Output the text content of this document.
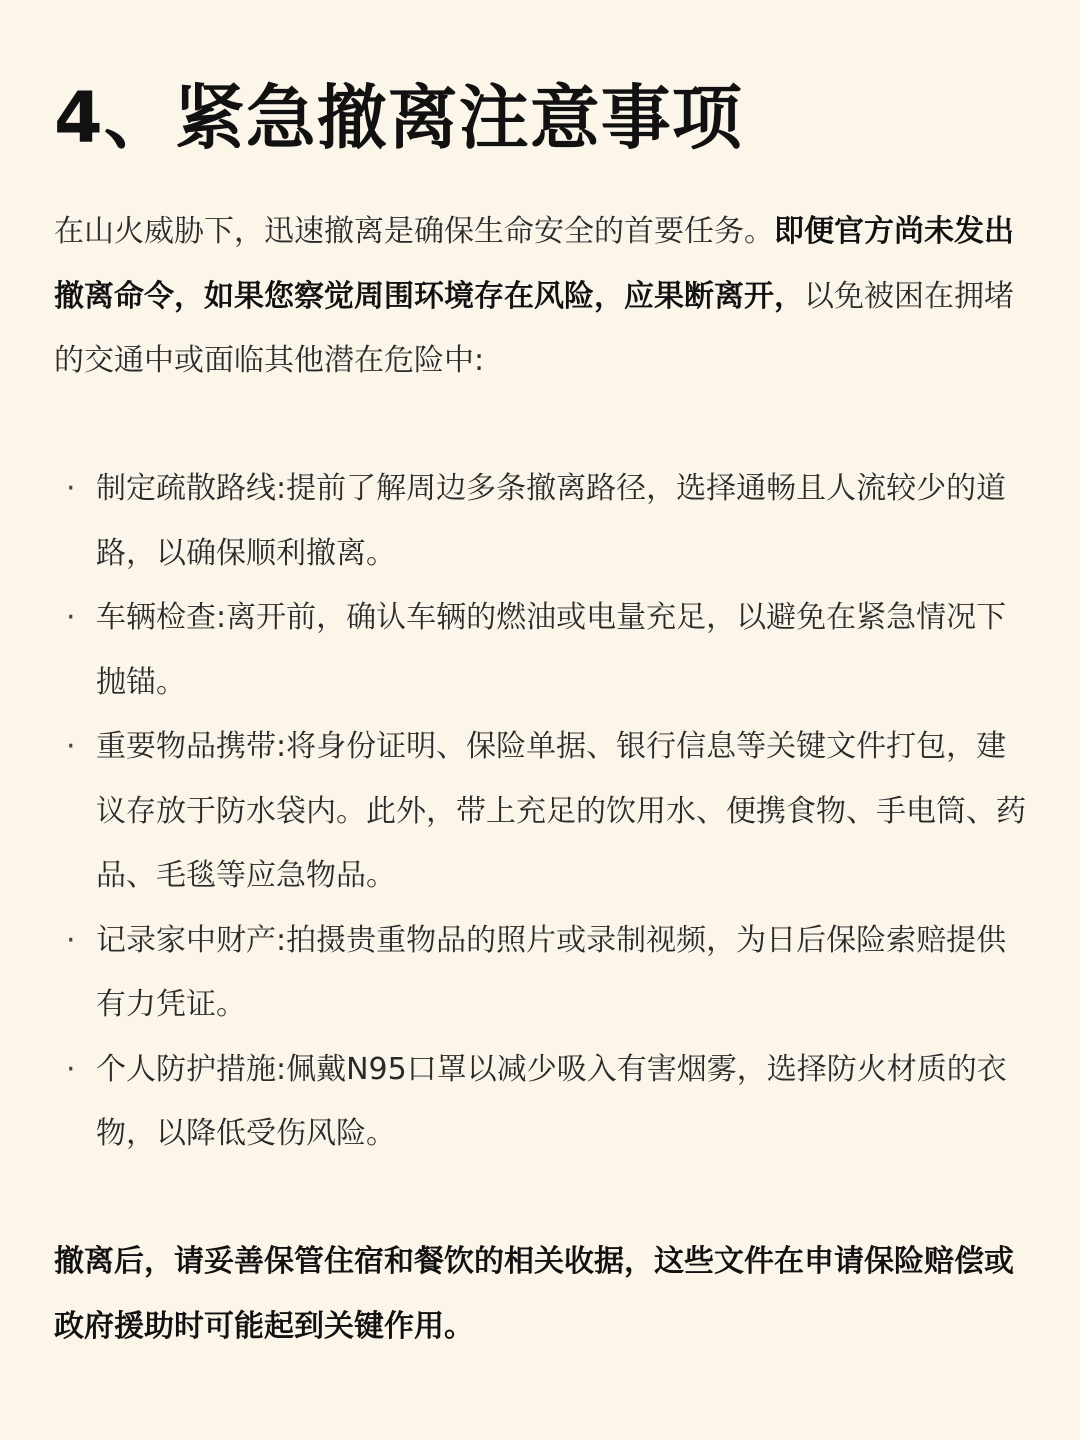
4、紧急撤离注意事项

在山火威胁下，迅速撤离是确保生命安全的首要任务。即便官方尚未发出撤离命令，如果您察觉周围环境存在风险，应果断离开，以免被困在拥堵的交通中或面临其他潜在危险中:

· 制定疏散路线:提前了解周边多条撤离路径，选择通畅且人流较少的道路，以确保顺利撤离。
· 车辆检查:离开前，确认车辆的燃油或电量充足，以避免在紧急情况下抛锚。
· 重要物品携带:将身份证明、保险单据、银行信息等关键文件打包，建议存放于防水袋内。此外，带上充足的饮用水、便携食物、手电筒、药品、毛毯等应急物品。
· 记录家中财产:拍摄贵重物品的照片或录制视频，为日后保险索赔提供有力凭证。
· 个人防护措施:佩戴N95口罩以减少吸入有害烟雾，选择防火材质的衣物，以降低受伤风险。

撤离后，请妥善保管住宿和餐饮的相关收据，这些文件在申请保险赔偿或政府援助时可能起到关键作用。
